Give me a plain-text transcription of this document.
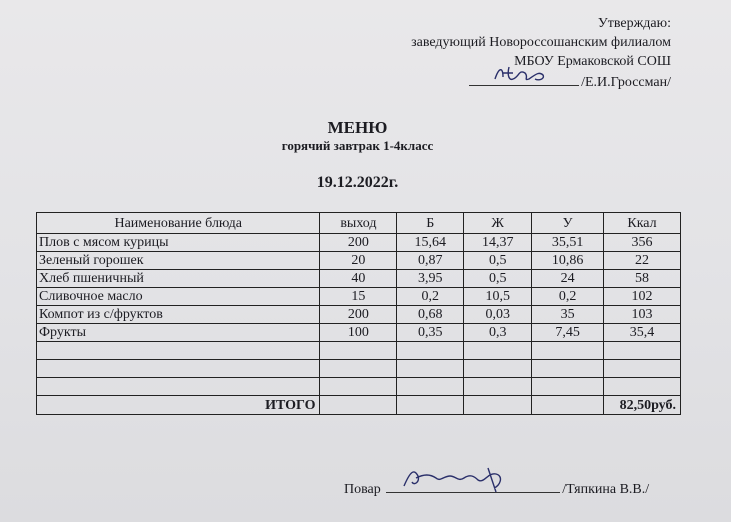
Утверждаю:
заведующий Новороссошанским филиалом
МБОУ Ермаковской СОШ
/Е.И.Гроссман/
МЕНЮ
горячий завтрак 1-4класс
19.12.2022г.
Наименование блюда	выход	Б	Ж	У	Ккал
Плов с мясом курицы	200	15,64	14,37	35,51	356
Зеленый горошек	20	0,87	0,5	10,86	22
Хлеб пшеничный	40	3,95	0,5	24	58
Сливочное масло	15	0,2	10,5	0,2	102
Компот из с/фруктов	200	0,68	0,03	35	103
Фрукты	100	0,35	0,3	7,45	35,4

ИТОГО					82,50руб.
Повар	/Тяпкина В.В./
